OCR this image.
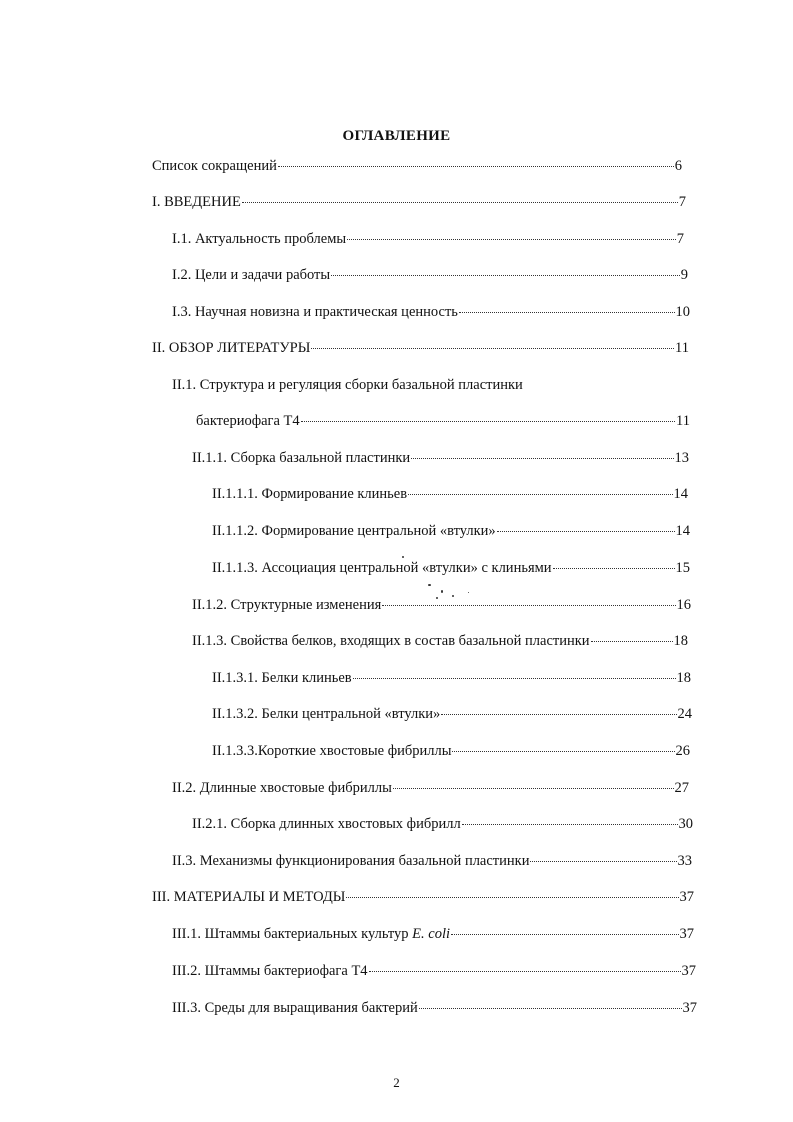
ОГЛАВЛЕНИЕ
Список сокращений	6
I. ВВЕДЕНИЕ	7
I.1. Актуальность проблемы	7
I.2. Цели и задачи работы	9
I.3. Научная новизна и практическая ценность	10
II. ОБЗОР ЛИТЕРАТУРЫ	11
II.1. Структура и регуляция сборки базальной пластинки
бактериофага Т4	11
II.1.1. Сборка базальной пластинки	13
II.1.1.1. Формирование клиньев	14
II.1.1.2. Формирование центральной «втулки»	14
II.1.1.3. Ассоциация центральной «втулки» с клиньями	15
II.1.2. Структурные изменения	16
II.1.3. Свойства белков, входящих в состав базальной пластинки	18
II.1.3.1. Белки клиньев	18
II.1.3.2. Белки центральной «втулки»	24
II.1.3.3.Короткие хвостовые фибриллы	26
II.2. Длинные хвостовые фибриллы	27
II.2.1. Сборка длинных хвостовых фибрилл	30
II.3. Механизмы функционирования базальной пластинки	33
III. МАТЕРИАЛЫ И МЕТОДЫ	37
III.1. Штаммы бактериальных культур E. coli	37
III.2. Штаммы бактериофага Т4	37
III.3. Среды для выращивания бактерий	37
2
